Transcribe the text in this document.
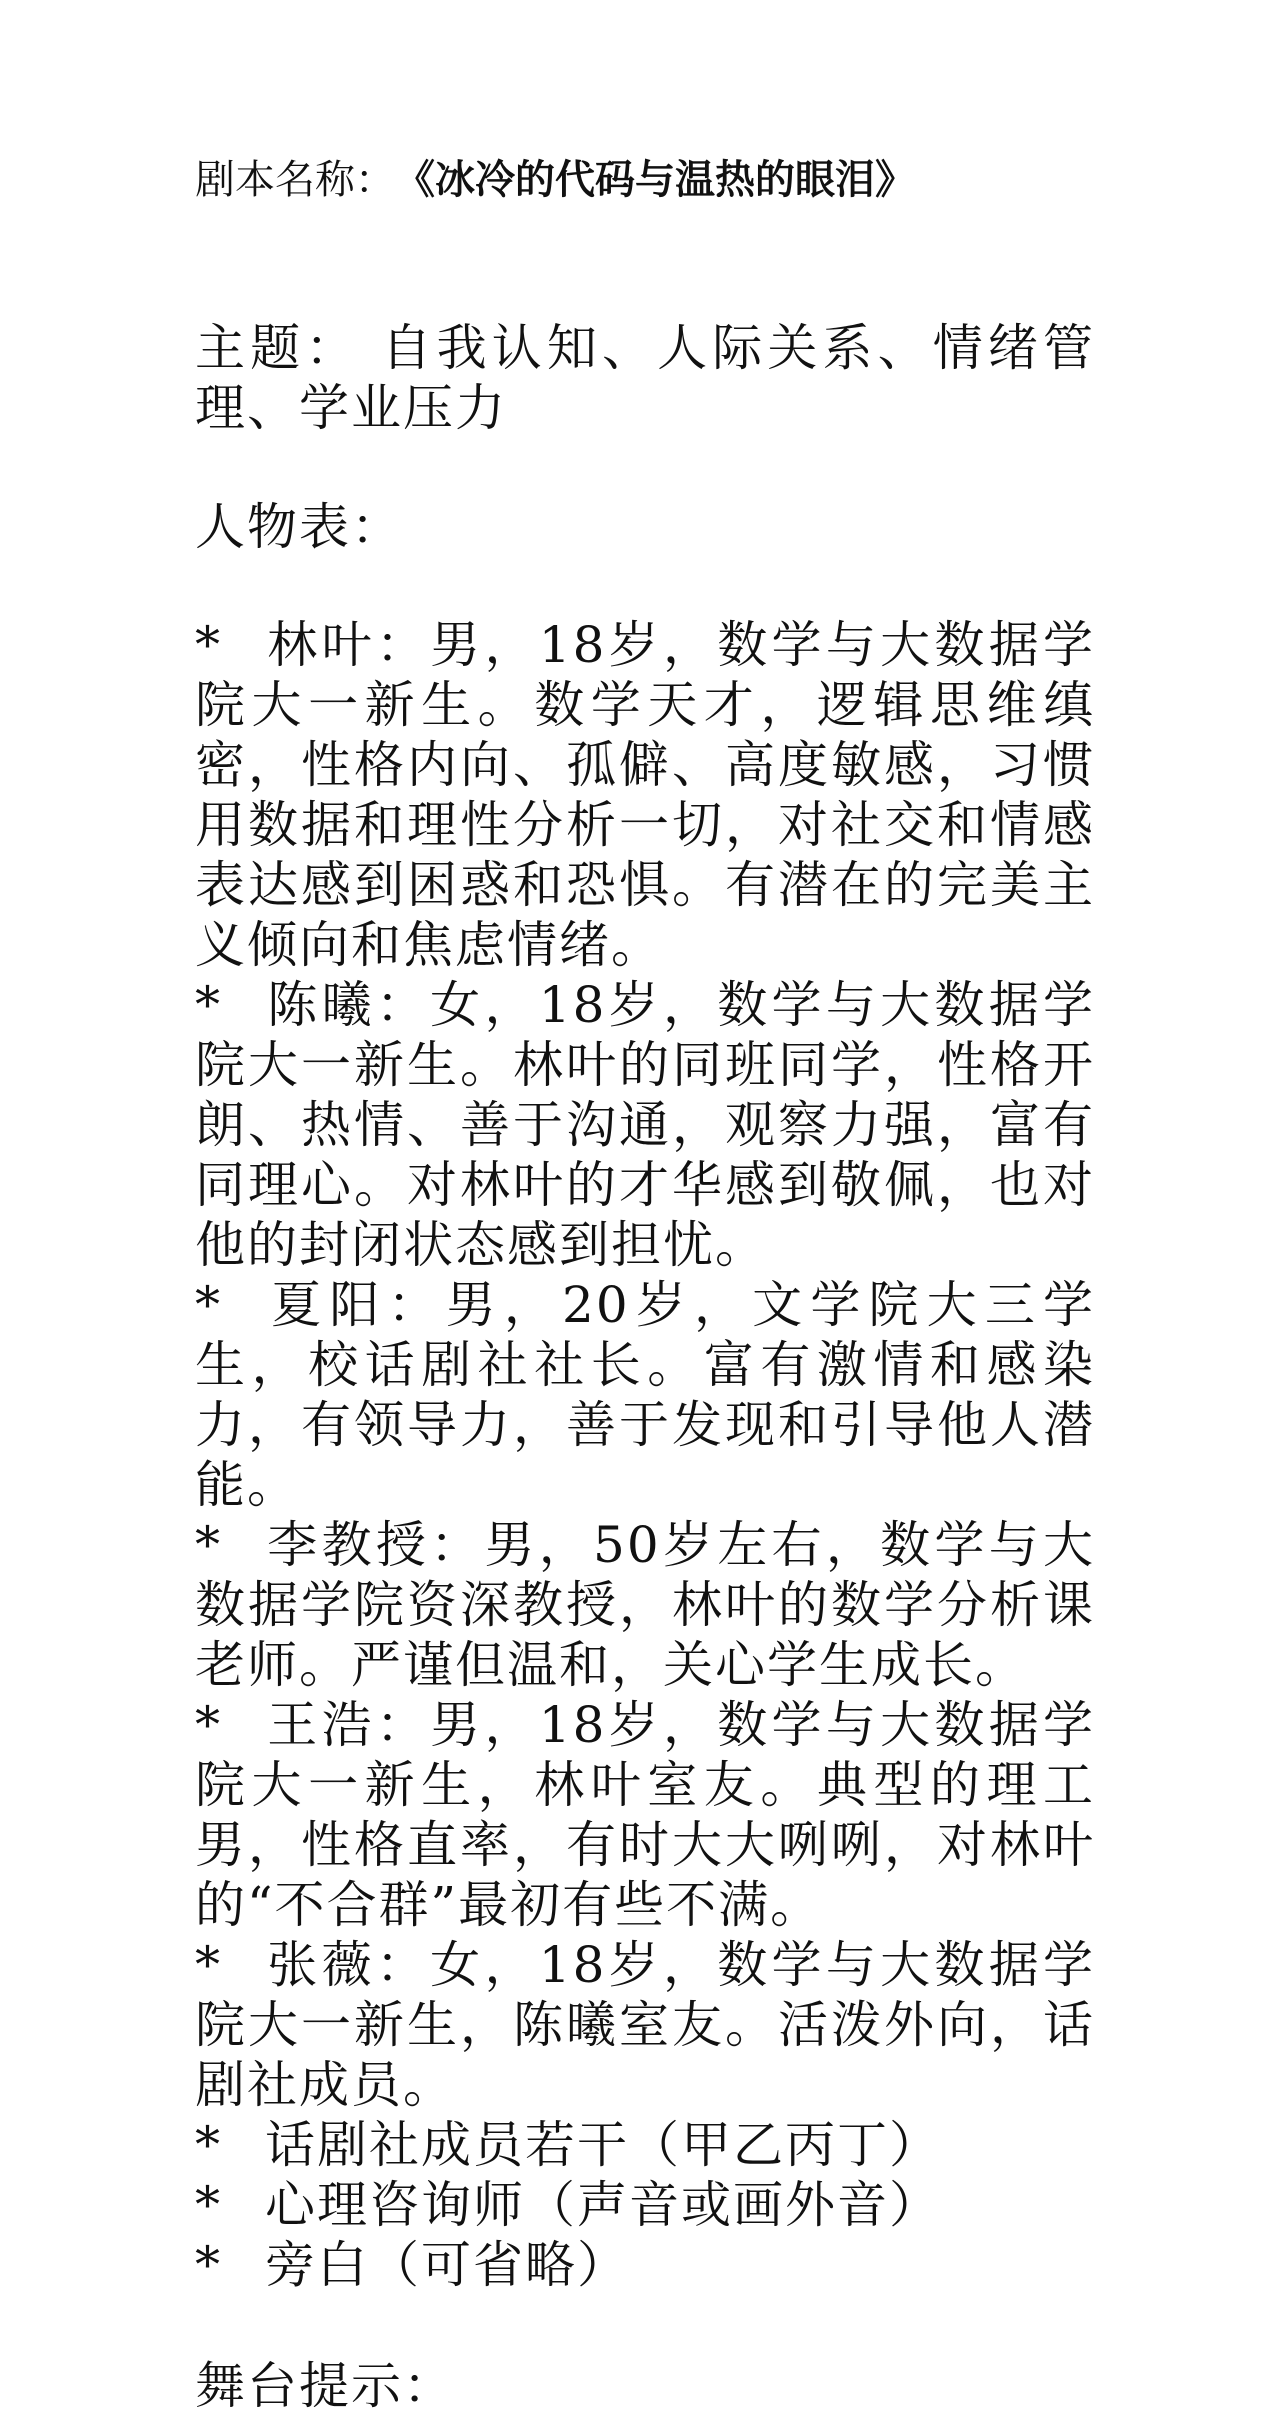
剧本名称： 《冰冷的代码与温热的眼泪》
主题： 自我认知、人际关系、情绪管理、学业压力
人物表：
* 林叶：男，18岁，数学与大数据学院大一新生。数学天才，逻辑思维缜密，性格内向、孤僻、高度敏感，习惯用数据和理性分析一切，对社交和情感表达感到困惑和恐惧。有潜在的完美主义倾向和焦虑情绪。
* 陈曦：女，18岁，数学与大数据学院大一新生。林叶的同班同学，性格开朗、热情、善于沟通，观察力强，富有同理心。对林叶的才华感到敬佩，也对他的封闭状态感到担忧。
* 夏阳：男，20岁，文学院大三学生，校话剧社社长。富有激情和感染力，有领导力，善于发现和引导他人潜能。
* 李教授：男，50岁左右，数学与大数据学院资深教授，林叶的数学分析课老师。严谨但温和，关心学生成长。
* 王浩：男，18岁，数学与大数据学院大一新生，林叶室友。典型的理工男，性格直率，有时大大咧咧，对林叶的“不合群”最初有些不满。
* 张薇：女，18岁，数学与大数据学院大一新生，陈曦室友。活泼外向，话剧社成员。
* 话剧社成员若干（甲乙丙丁）
* 心理咨询师（声音或画外音）
* 旁白（可省略）
舞台提示：
